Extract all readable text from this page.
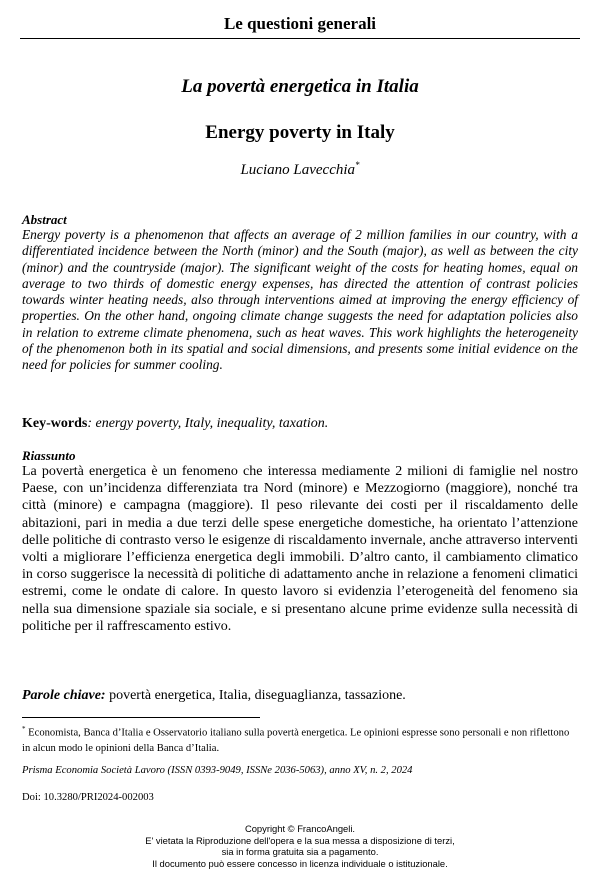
Le questioni generali
La povertà energetica in Italia
Energy poverty in Italy
Luciano Lavecchia*
Abstract
Energy poverty is a phenomenon that affects an average of 2 million families in our country, with a differentiated incidence between the North (minor) and the South (major), as well as between the city (minor) and the countryside (major). The significant weight of the costs for heating homes, equal on average to two thirds of domestic energy expenses, has directed the attention of contrast policies towards winter heating needs, also through interventions aimed at improving the energy efficiency of properties. On the other hand, ongoing climate change suggests the need for adaptation policies also in relation to extreme climate phenomena, such as heat waves. This work highlights the heterogeneity of the phenomenon both in its spatial and social dimensions, and presents some initial evidence on the need for policies for summer cooling.
Key-words: energy poverty, Italy, inequality, taxation.
Riassunto
La povertà energetica è un fenomeno che interessa mediamente 2 milioni di famiglie nel nostro Paese, con un’incidenza differenziata tra Nord (minore) e Mezzogiorno (maggiore), nonché tra città (minore) e campagna (maggiore). Il peso rilevante dei costi per il riscaldamento delle abitazioni, pari in media a due terzi delle spese energetiche domestiche, ha orientato l’attenzione delle politiche di contrasto verso le esigenze di riscaldamento invernale, anche attraverso interventi volti a migliorare l’efficienza energetica degli immobili. D’altro canto, il cambiamento climatico in corso suggerisce la necessità di politiche di adattamento anche in relazione a fenomeni climatici estremi, come le ondate di calore. In questo lavoro si evidenzia l’eterogeneità del fenomeno sia nella sua dimensione spaziale sia sociale, e si presentano alcune prime evidenze sulla necessità di politiche per il raffrescamento estivo.
Parole chiave: povertà energetica, Italia, diseguaglianza, tassazione.
* Economista, Banca d’Italia e Osservatorio italiano sulla povertà energetica. Le opinioni espresse sono personali e non riflettono in alcun modo le opinioni della Banca d’Italia.
Prisma Economia Società Lavoro (ISSN 0393-9049, ISSNe 2036-5063), anno XV, n. 2, 2024
Doi: 10.3280/PRI2024-002003
Copyright © FrancoAngeli.
E' vietata la Riproduzione dell'opera e la sua messa a disposizione di terzi,
sia in forma gratuita sia a pagamento.
Il documento può essere concesso in licenza individuale o istituzionale.
